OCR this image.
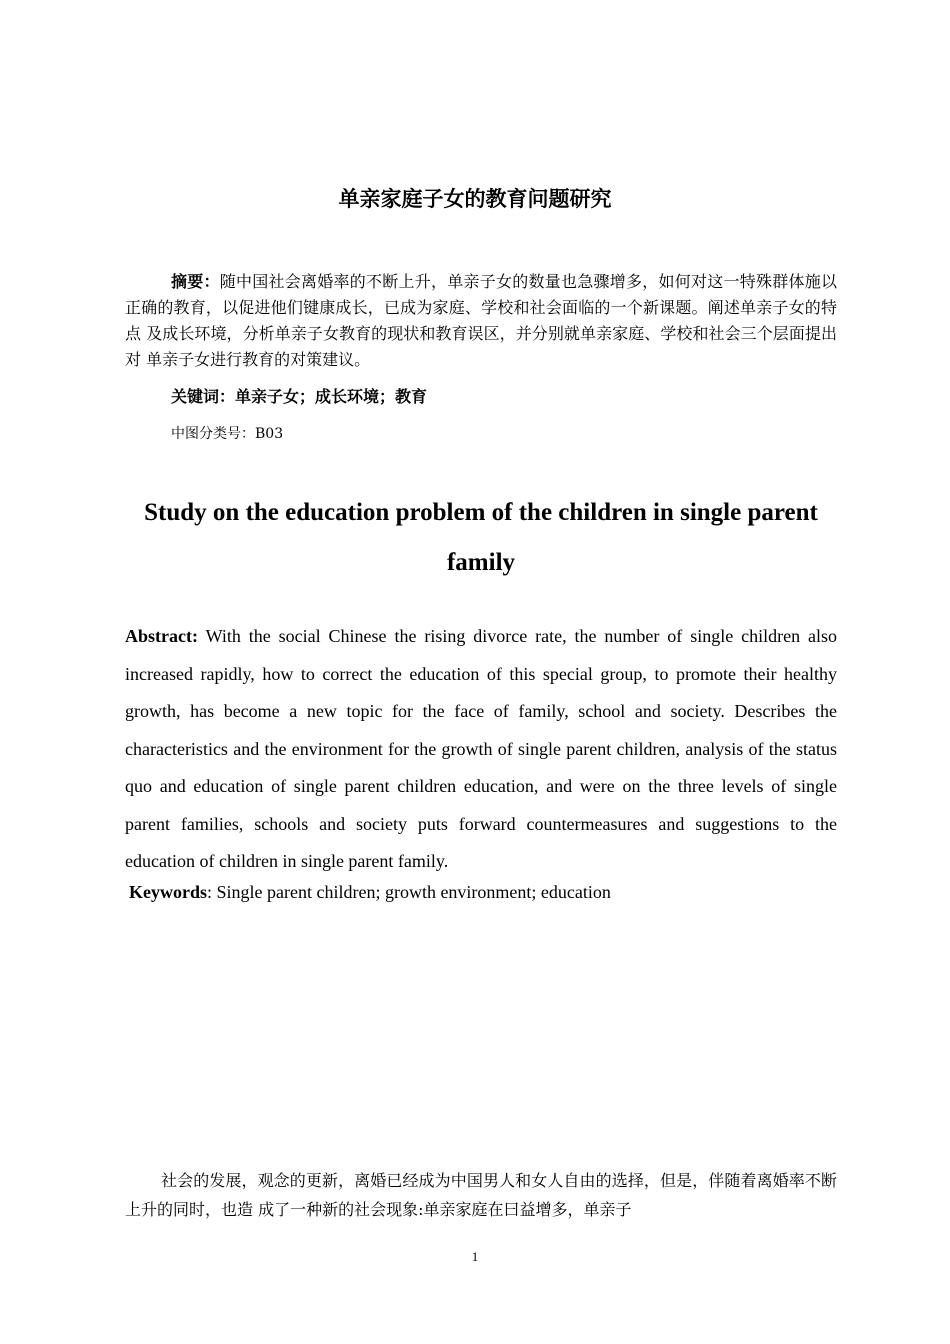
单亲家庭子女的教育问题研究
摘要：随中国社会离婚率的不断上升，单亲子女的数量也急骤增多，如何对这一特殊群体施以正确的教育，以促进他们键康成长，已成为家庭、学校和社会面临的一个新课题。阐述单亲子女的特点 及成长环境，分析单亲子女教育的现状和教育误区，并分别就单亲家庭、学校和社会三个层面提出对 单亲子女进行教育的对策建议。
关键词：单亲子女；成长环境；教育
中图分类号：B03
Study on the education problem of the children in single parent family
Abstract: With the social Chinese the rising divorce rate, the number of single children also increased rapidly, how to correct the education of this special group, to promote their healthy growth, has become a new topic for the face of family, school and society. Describes the characteristics and the environment for the growth of single parent children, analysis of the status quo and education of single parent children education, and were on the three levels of single parent families, schools and society puts forward countermeasures and suggestions to the education of children in single parent family.
Keywords: Single parent children; growth environment; education
社会的发展，观念的更新，离婚已经成为中国男人和女人自由的选择，但是，伴随着离婚率不断上升的同时，也造 成了一种新的社会现象:单亲家庭在曰益增多，单亲子
1
